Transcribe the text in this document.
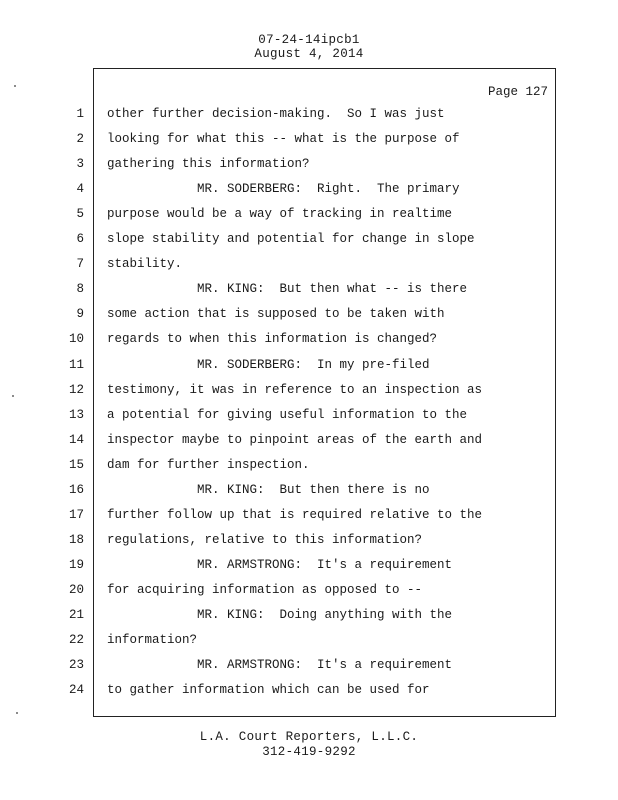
07-24-14ipcb1
August 4, 2014
Page 127
1 other further decision-making.  So I was just
2 looking for what this -- what is the purpose of
3 gathering this information?
4 MR. SODERBERG:  Right.  The primary
5 purpose would be a way of tracking in realtime
6 slope stability and potential for change in slope
7 stability.
8 MR. KING:  But then what -- is there
9 some action that is supposed to be taken with
10 regards to when this information is changed?
11 MR. SODERBERG:  In my pre-filed
12 testimony, it was in reference to an inspection as
13 a potential for giving useful information to the
14 inspector maybe to pinpoint areas of the earth and
15 dam for further inspection.
16 MR. KING:  But then there is no
17 further follow up that is required relative to the
18 regulations, relative to this information?
19 MR. ARMSTRONG:  It's a requirement
20 for acquiring information as opposed to --
21 MR. KING:  Doing anything with the
22 information?
23 MR. ARMSTRONG:  It's a requirement
24 to gather information which can be used for
L.A. Court Reporters, L.L.C.
312-419-9292
